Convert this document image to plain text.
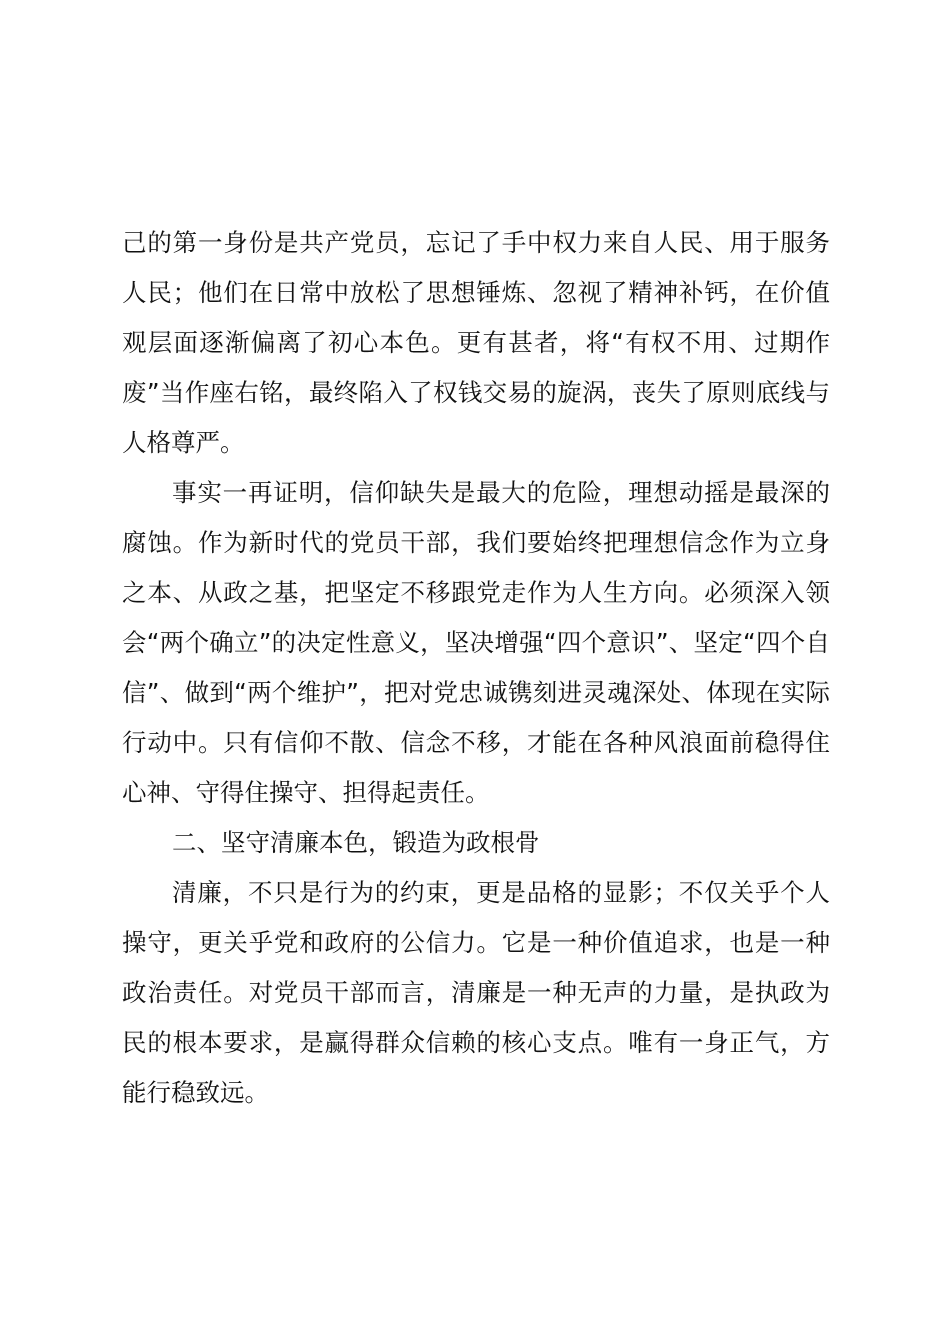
己的第一身份是共产党员，忘记了手中权力来自人民、用于服务人民；他们在日常中放松了思想锤炼、忽视了精神补钙，在价值观层面逐渐偏离了初心本色。更有甚者，将“有权不用、过期作废”当作座右铭，最终陷入了权钱交易的旋涡，丧失了原则底线与人格尊严。

事实一再证明，信仰缺失是最大的危险，理想动摇是最深的腐蚀。作为新时代的党员干部，我们要始终把理想信念作为立身之本、从政之基，把坚定不移跟党走作为人生方向。必须深入领会“两个确立”的决定性意义，坚决增强“四个意识”、坚定“四个自信”、做到“两个维护”，把对党忠诚镌刻进灵魂深处、体现在实际行动中。只有信仰不散、信念不移，才能在各种风浪面前稳得住心神、守得住操守、担得起责任。

二、坚守清廉本色，锻造为政根骨

清廉，不只是行为的约束，更是品格的显影；不仅关乎个人操守，更关乎党和政府的公信力。它是一种价值追求，也是一种政治责任。对党员干部而言，清廉是一种无声的力量，是执政为民的根本要求，是赢得群众信赖的核心支点。唯有一身正气，方能行稳致远。
